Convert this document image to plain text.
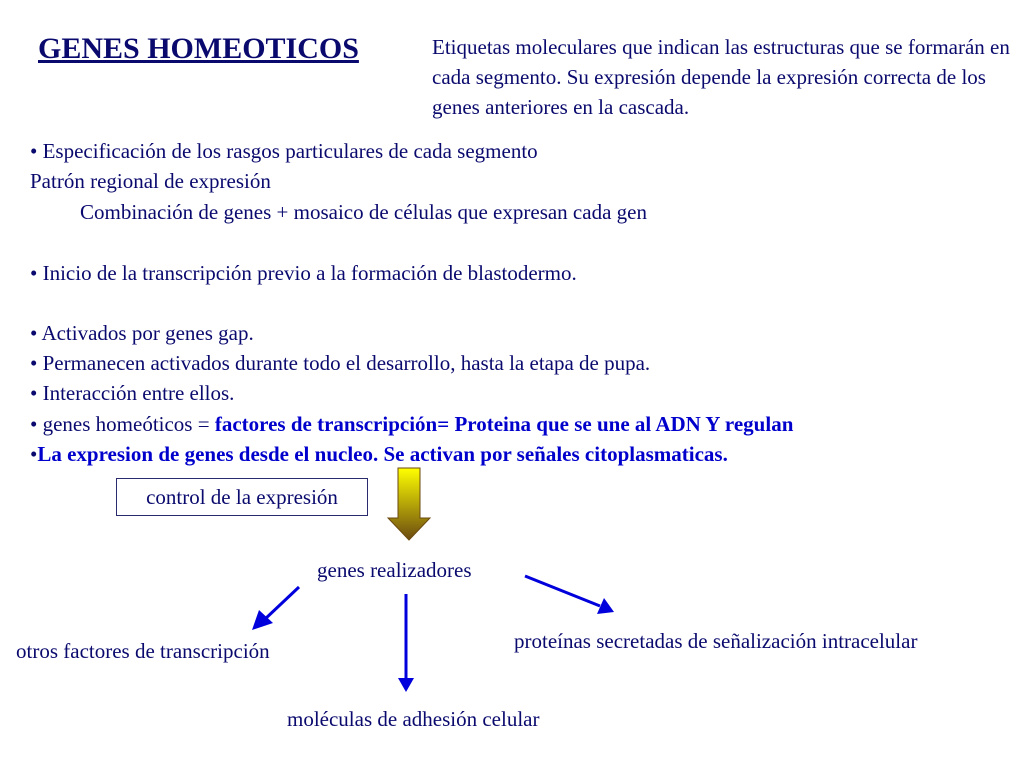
GENES HOMEOTICOS	Etiquetas moleculares que indican las estructuras que se formarán en cada segmento. Su expresión depende la expresión correcta de los genes anteriores en la cascada.
• Especificación de los rasgos particulares de cada segmento
Patrón regional de expresión
Combinación de genes + mosaico de células que expresan cada gen
• Inicio de la transcripción previo a la formación de blastodermo.
• Activados por genes gap.
• Permanecen activados durante todo el desarrollo, hasta la etapa de pupa.
• Interacción entre ellos.
• genes homeóticos = factores de transcripción= Proteina que se une al ADN Y regulan
•La expresion de genes desde el nucleo. Se activan por señales citoplasmaticas.
control de la expresión
genes realizadores
otros factores de transcripción	proteínas secretadas de señalización intracelular
moléculas de adhesión celular
